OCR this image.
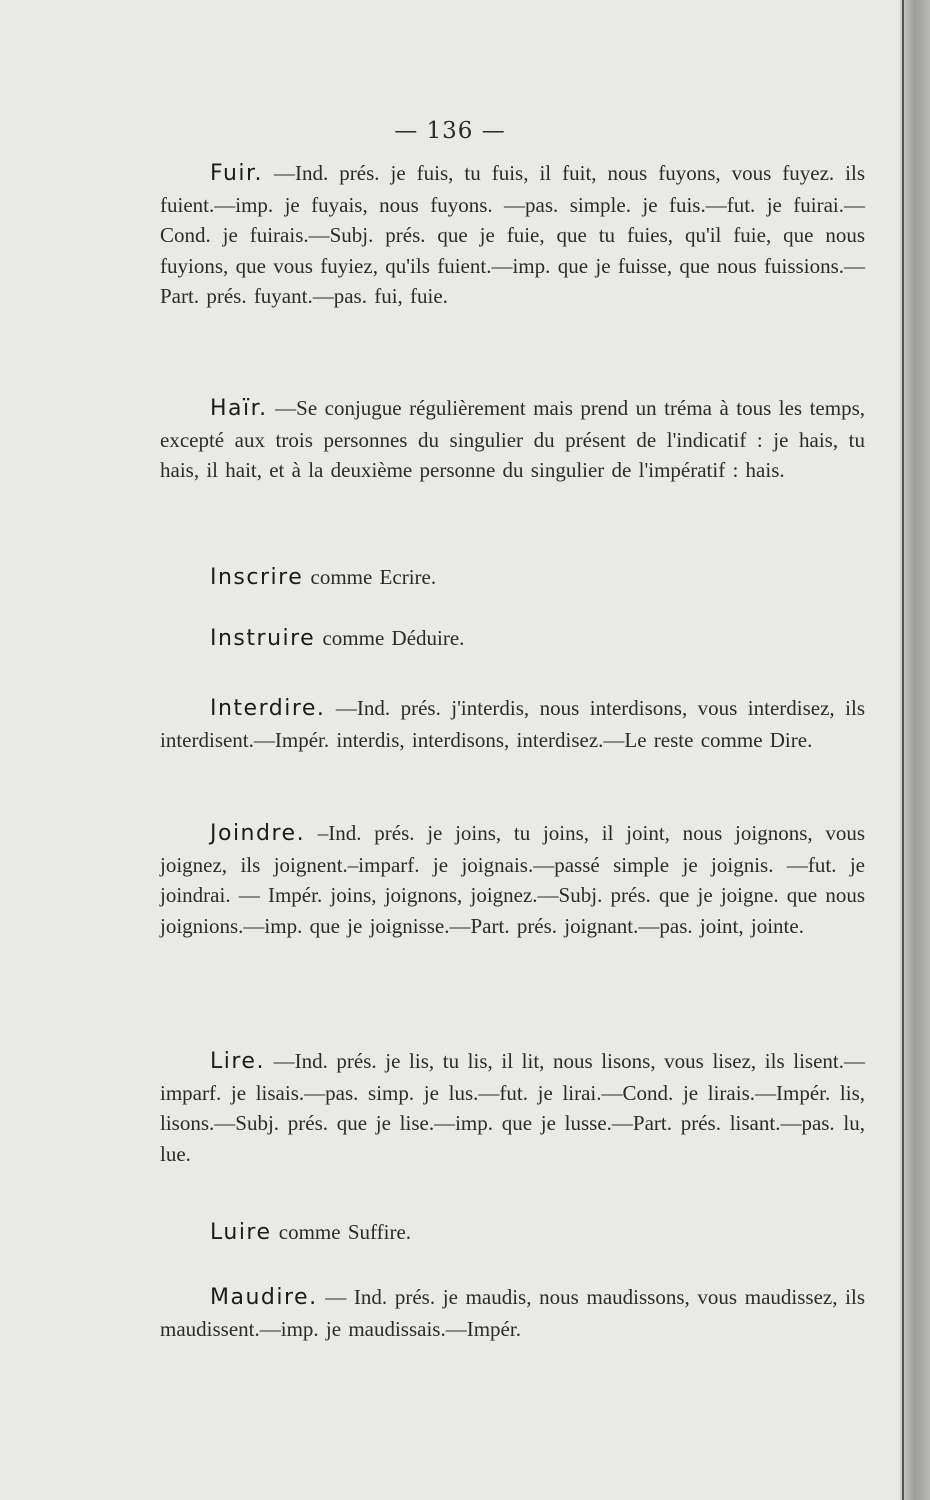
— 136 —

Fuir. —Ind. prés. je fuis, tu fuis, il fuit, nous fuyons, vous fuyez. ils fuient.—imp. je fuyais, nous fuyons. —pas. simple. je fuis.—fut. je fuirai.—Cond. je fuirais.—Subj. prés. que je fuie, que tu fuies, qu'il fuie, que nous fuyions, que vous fuyiez, qu'ils fuient.—imp. que je fuisse, que nous fuissions.—Part. prés. fuyant.—pas. fui, fuie.

Haïr. —Se conjugue régulièrement mais prend un tréma à tous les temps, excepté aux trois personnes du singulier du présent de l'indicatif : je hais, tu hais, il hait, et à la deuxième personne du singulier de l'impératif : hais.

Inscrire comme Ecrire.

Instruire comme Déduire.

Interdire. —Ind. prés. j'interdis, nous interdisons, vous interdisez, ils interdisent.—Impér. interdis, interdisons, interdisez.—Le reste comme Dire.

Joindre. –Ind. prés. je joins, tu joins, il joint, nous joignons, vous joignez, ils joignent.–imparf. je joignais.—passé simple je joignis. —fut. je joindrai. — Impér. joins, joignons, joignez.—Subj. prés. que je joigne. que nous joignions.—imp. que je joignisse.—Part. prés. joignant.—pas. joint, jointe.

Lire. —Ind. prés. je lis, tu lis, il lit, nous lisons, vous lisez, ils lisent.—imparf. je lisais.—pas. simp. je lus.—fut. je lirai.—Cond. je lirais.—Impér. lis, lisons.—Subj. prés. que je lise.—imp. que je lusse.—Part. prés. lisant.—pas. lu, lue.

Luire comme Suffire.

Maudire. — Ind. prés. je maudis, nous maudissons, vous maudissez, ils maudissent.—imp. je maudissais.—Impér.
